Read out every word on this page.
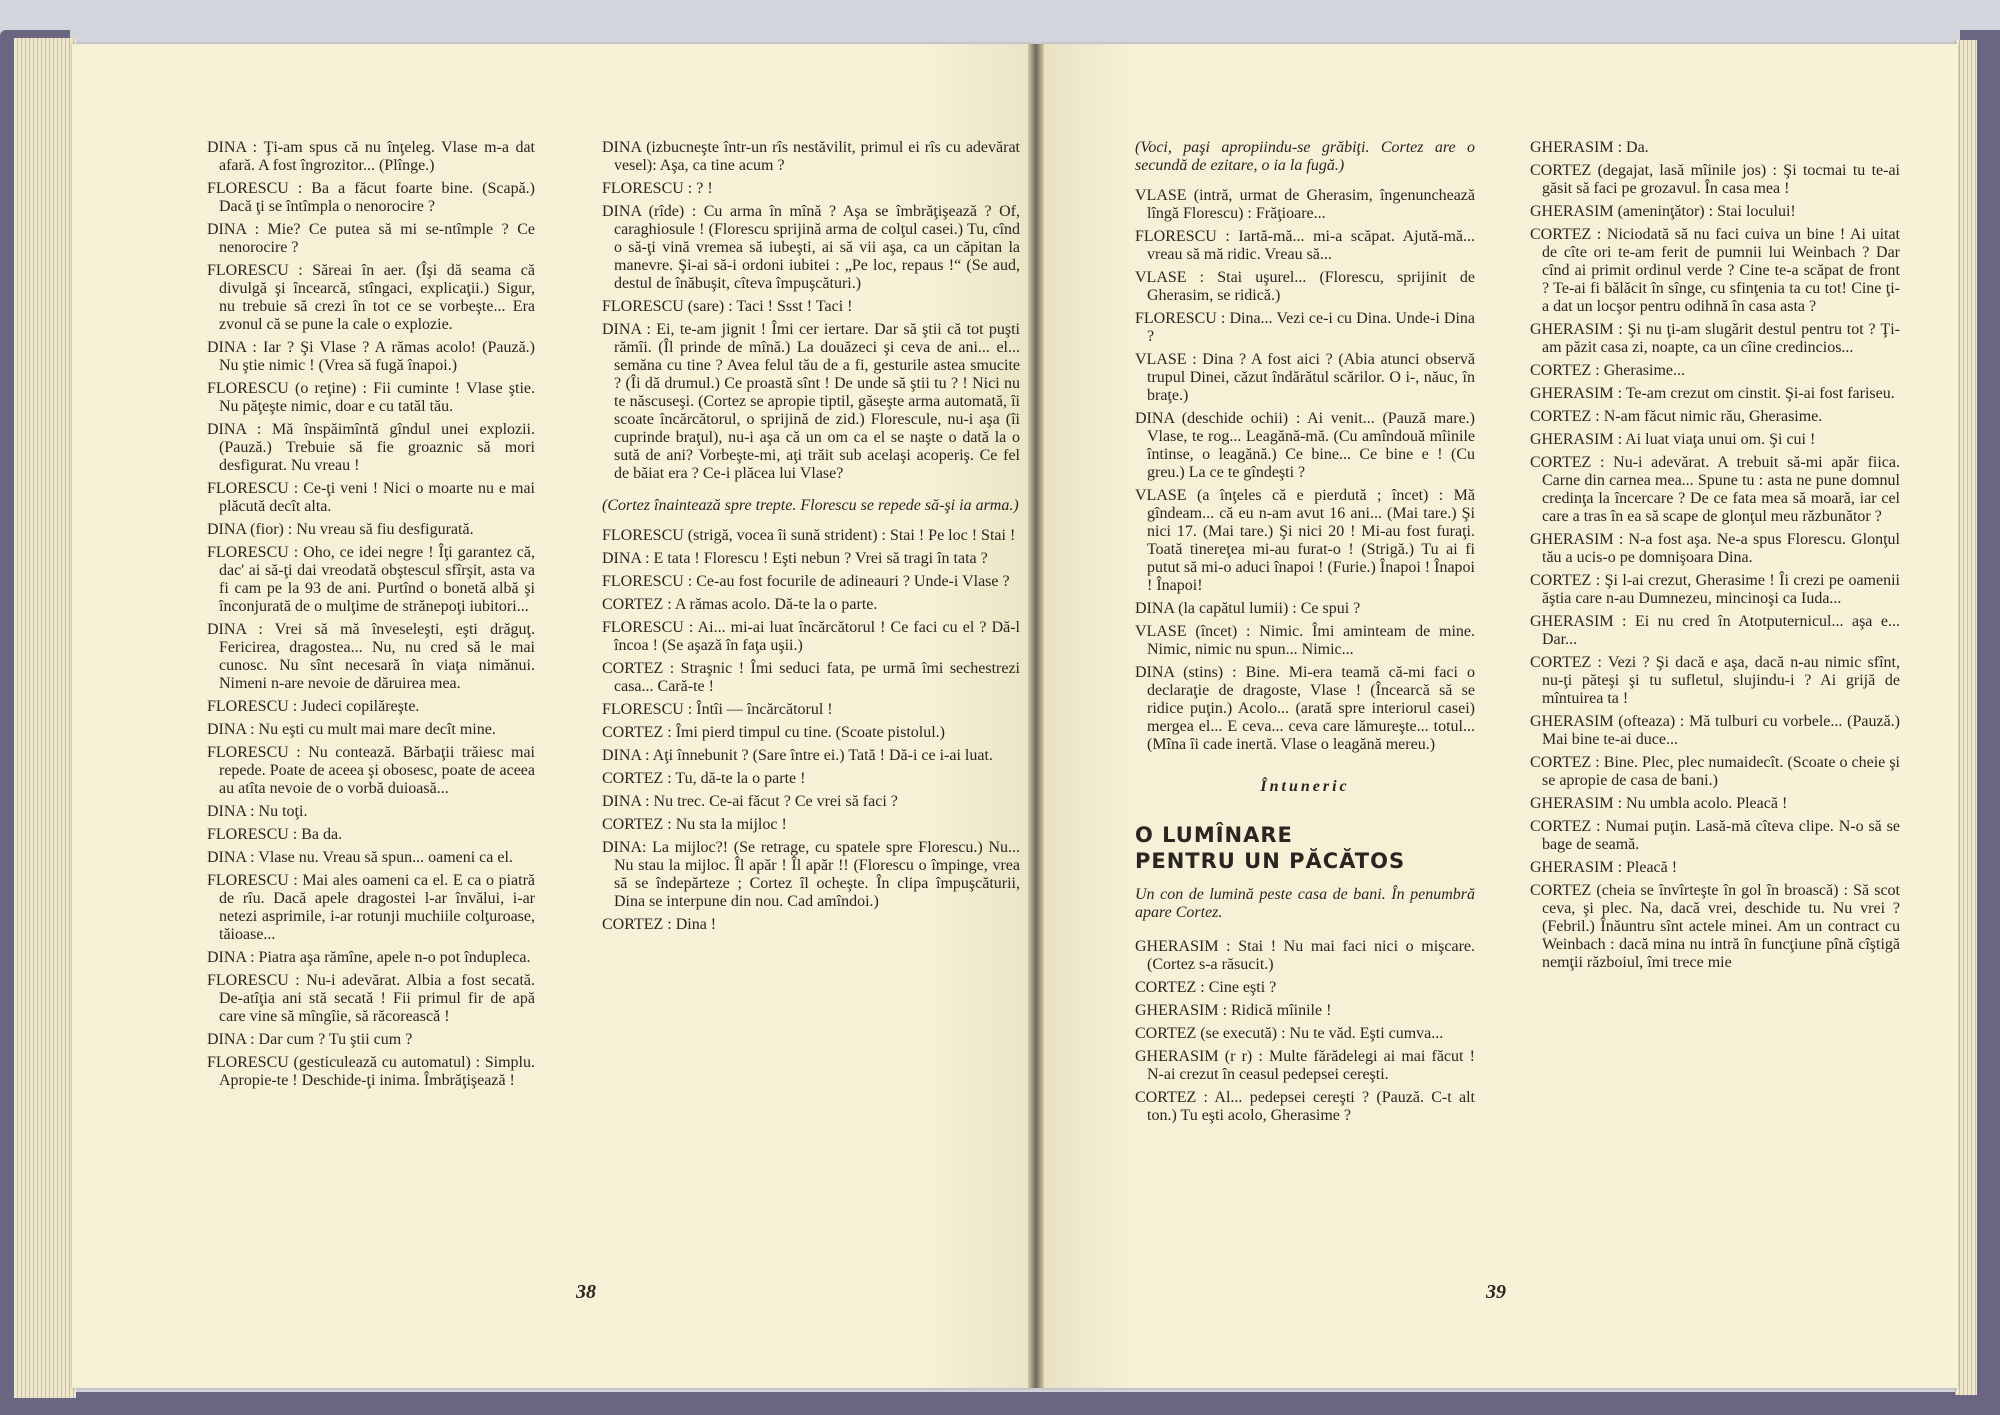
DINA : Ţi-am spus că nu înţeleg. Vlase m-a dat afară. A fost îngrozitor... (Plînge.)

FLORESCU : Ba a făcut foarte bine. (Scapă.) Dacă ţi se întîmpla o nenorocire ?

DINA : Mie? Ce putea să mi se-ntîmple ? Ce nenorocire ?

FLORESCU : Săreai în aer. (Îşi dă seama că divulgă şi încearcă, stîngaci, explicaţii.) Sigur, nu trebuie să crezi în tot ce se vorbeşte... Era zvonul că se pune la cale o explozie.

DINA : Iar ? Şi Vlase ? A rămas acolo! (Pauză.) Nu ştie nimic ! (Vrea să fugă înapoi.)

FLORESCU (o reţine) : Fii cuminte ! Vlase ştie. Nu păţeşte nimic, doar e cu tatăl tău.

DINA : Mă înspăimîntă gîndul unei explozii. (Pauză.) Trebuie să fie groaznic să mori desfigurat. Nu vreau !

FLORESCU : Ce-ţi veni ! Nici o moarte nu e mai plăcută decît alta.

DINA (fior) : Nu vreau să fiu desfigurată.

FLORESCU : Oho, ce idei negre ! Îţi garantez că, dac' ai să-ţi dai vreodată obştescul sfîrşit, asta va fi cam pe la 93 de ani. Purtînd o bonetă albă şi înconjurată de o mulţime de strănepoţi iubitori...

DINA : Vrei să mă înveseleşti, eşti drăguţ. Fericirea, dragostea... Nu, nu cred să le mai cunosc. Nu sînt necesară în viaţa nimănui. Nimeni n-are nevoie de dăruirea mea.

FLORESCU : Judeci copilăreşte.

DINA : Nu eşti cu mult mai mare decît mine.

FLORESCU : Nu contează. Bărbaţii trăiesc mai repede. Poate de aceea şi obosesc, poate de aceea au atîta nevoie de o vorbă duioasă...

DINA : Nu toţi.

FLORESCU : Ba da.

DINA : Vlase nu. Vreau să spun... oameni ca el.

FLORESCU : Mai ales oameni ca el. E ca o piatră de rîu. Dacă apele dragostei l-ar învălui, i-ar netezi asprimile, i-ar rotunji muchiile colţuroase, tăioase...

DINA : Piatra aşa rămîne, apele n-o pot îndupleca.

FLORESCU : Nu-i adevărat. Albia a fost secată. De-atîţia ani stă secată ! Fii primul fir de apă care vine să mîngîie, să răcorească !

DINA : Dar cum ? Tu ştii cum ?

FLORESCU (gesticulează cu automatul) : Simplu. Apropie-te ! Deschide-ţi inima. Îmbrăţişează !

DINA (izbucneşte într-un rîs nestăvilit, primul ei rîs cu adevărat vesel): Aşa, ca tine acum ?

FLORESCU : ? !

DINA (rîde) : Cu arma în mînă ? Aşa se îmbrăţişează ? Of, caraghiosule ! (Florescu sprijină arma de colţul casei.) Tu, cînd o să-ţi vină vremea să iubeşti, ai să vii aşa, ca un căpitan la manevre. Şi-ai să-i ordoni iubitei : „Pe loc, repaus !“ (Se aud, destul de înăbuşit, cîteva împuşcături.)

FLORESCU (sare) : Taci ! Ssst ! Taci !

DINA : Ei, te-am jignit ! Îmi cer iertare. Dar să ştii că tot puşti rămîi. (Îl prinde de mînă.) La douăzeci şi ceva de ani... el... semăna cu tine ? Avea felul tău de a fi, gesturile astea smucite ? (Îi dă drumul.) Ce proastă sînt ! De unde să ştii tu ? ! Nici nu te născuseşi. (Cortez se apropie tiptil, găseşte arma automată, îi scoate încărcătorul, o sprijină de zid.) Florescule, nu-i aşa (îi cuprinde braţul), nu-i aşa că un om ca el se naşte o dată la o sută de ani? Vorbeşte-mi, aţi trăit sub acelaşi acoperiş. Ce fel de băiat era ? Ce-i plăcea lui Vlase?

(Cortez înaintează spre trepte. Florescu se repede să-şi ia arma.)

FLORESCU (strigă, vocea îi sună strident) : Stai ! Pe loc ! Stai !

DINA : E tata ! Florescu ! Eşti nebun ? Vrei să tragi în tata ?

FLORESCU : Ce-au fost focurile de adineauri ? Unde-i Vlase ?

CORTEZ : A rămas acolo. Dă-te la o parte.

FLORESCU : Ai... mi-ai luat încărcătorul ! Ce faci cu el ? Dă-l încoa ! (Se aşază în faţa uşii.)

CORTEZ : Straşnic ! Îmi seduci fata, pe urmă îmi sechestrezi casa... Cară-te !

FLORESCU : Întîi — încărcătorul !

CORTEZ : Îmi pierd timpul cu tine. (Scoate pistolul.)

DINA : Aţi înnebunit ? (Sare între ei.) Tată ! Dă-i ce i-ai luat.

CORTEZ : Tu, dă-te la o parte !

DINA : Nu trec. Ce-ai făcut ? Ce vrei să faci ?

CORTEZ : Nu sta la mijloc !

DINA: La mijloc?! (Se retrage, cu spatele spre Florescu.) Nu... Nu stau la mijloc. Îl apăr ! Îl apăr !! (Florescu o împinge, vrea să se îndepărteze ; Cortez îl ocheşte. În clipa împuşcăturii, Dina se interpune din nou. Cad amîndoi.)

CORTEZ : Dina !

38

(Voci, paşi apropiindu-se grăbiţi. Cortez are o secundă de ezitare, o ia la fugă.)

VLASE (intră, urmat de Gherasim, îngenunchează lîngă Florescu) : Frăţioare...

FLORESCU : Iartă-mă... mi-a scăpat. Ajută-mă... vreau să mă ridic. Vreau să...

VLASE : Stai uşurel... (Florescu, sprijinit de Gherasim, se ridică.)

FLORESCU : Dina... Vezi ce-i cu Dina. Unde-i Dina ?

VLASE : Dina ? A fost aici ? (Abia atunci observă trupul Dinei, căzut îndărătul scărilor. O i-, năuc, în braţe.)

DINA (deschide ochii) : Ai venit... (Pauză mare.) Vlase, te rog... Leagănă-mă. (Cu amîndouă mîinile întinse, o leagănă.) Ce bine... Ce bine e ! (Cu greu.) La ce te gîndeşti ?

VLASE (a înţeles că e pierdută ; încet) : Mă gîndeam... că eu n-am avut 16 ani... (Mai tare.) Şi nici 17. (Mai tare.) Şi nici 20 ! Mi-au fost furaţi. Toată tinereţea mi-au furat-o ! (Strigă.) Tu ai fi putut să mi-o aduci înapoi ! (Furie.) Înapoi ! Înapoi ! Înapoi!

DINA (la capătul lumii) : Ce spui ?

VLASE (încet) : Nimic. Îmi aminteam de mine. Nimic, nimic nu spun... Nimic...

DINA (stins) : Bine. Mi-era teamă că-mi faci o declaraţie de dragoste, Vlase ! (Încearcă să se ridice puţin.) Acolo... (arată spre interiorul casei) mergea el... E ceva... ceva care lămureşte... totul... (Mîna îi cade inertă. Vlase o leagănă mereu.)

Întuneric

O LUMÎNARE
PENTRU UN PĂCĂTOS

Un con de lumină peste casa de bani. În penumbră apare Cortez.

GHERASIM : Stai ! Nu mai faci nici o mişcare. (Cortez s-a răsucit.)

CORTEZ : Cine eşti ?

GHERASIM : Ridică mîinile !

CORTEZ (se execută) : Nu te văd. Eşti cumva...

GHERASIM (r r) : Multe fărădelegi ai mai făcut ! N-ai crezut în ceasul pedepsei cereşti.

CORTEZ : Al... pedepsei cereşti ? (Pauză. C-t alt ton.) Tu eşti acolo, Gherasime ?

GHERASIM : Da.

CORTEZ (degajat, lasă mîinile jos) : Şi tocmai tu te-ai găsit să faci pe grozavul. În casa mea !

GHERASIM (ameninţător) : Stai locului!

CORTEZ : Niciodată să nu faci cuiva un bine ! Ai uitat de cîte ori te-am ferit de pumnii lui Weinbach ? Dar cînd ai primit ordinul verde ? Cine te-a scăpat de front ? Te-ai fi bălăcit în sînge, cu sfinţenia ta cu tot! Cine ţi-a dat un locşor pentru odihnă în casa asta ?

GHERASIM : Şi nu ţi-am slugărit destul pentru tot ? Ţi-am păzit casa zi, noapte, ca un cîine credincios...

CORTEZ : Gherasime...

GHERASIM : Te-am crezut om cinstit. Şi-ai fost fariseu.

CORTEZ : N-am făcut nimic rău, Gherasime.

GHERASIM : Ai luat viaţa unui om. Şi cui !

CORTEZ : Nu-i adevărat. A trebuit să-mi apăr fiica. Carne din carnea mea... Spune tu : asta ne pune domnul credinţa la încercare ? De ce fata mea să moară, iar cel care a tras în ea să scape de glonţul meu răzbunător ?

GHERASIM : N-a fost aşa. Ne-a spus Florescu. Glonţul tău a ucis-o pe domnişoara Dina.

CORTEZ : Şi l-ai crezut, Gherasime ! Îi crezi pe oamenii ăştia care n-au Dumnezeu, mincinoşi ca Iuda...

GHERASIM : Ei nu cred în Atotputernicul... aşa e... Dar...

CORTEZ : Vezi ? Şi dacă e aşa, dacă n-au nimic sfînt, nu-ţi păteşi şi tu sufletul, slujindu-i ? Ai grijă de mîntuirea ta !

GHERASIM (ofteaza) : Mă tulburi cu vorbele... (Pauză.) Mai bine te-ai duce...

CORTEZ : Bine. Plec, plec numaidecît. (Scoate o cheie şi se apropie de casa de bani.)

GHERASIM : Nu umbla acolo. Pleacă !

CORTEZ : Numai puţin. Lasă-mă cîteva clipe. N-o să se bage de seamă.

GHERASIM : Pleacă !

CORTEZ (cheia se învîrteşte în gol în broască) : Să scot ceva, şi plec. Na, dacă vrei, deschide tu. Nu vrei ? (Febril.) Înăuntru sînt actele minei. Am un contract cu Weinbach : dacă mina nu intră în funcţiune pînă cîştigă nemţii războiul, îmi trece mie

39
